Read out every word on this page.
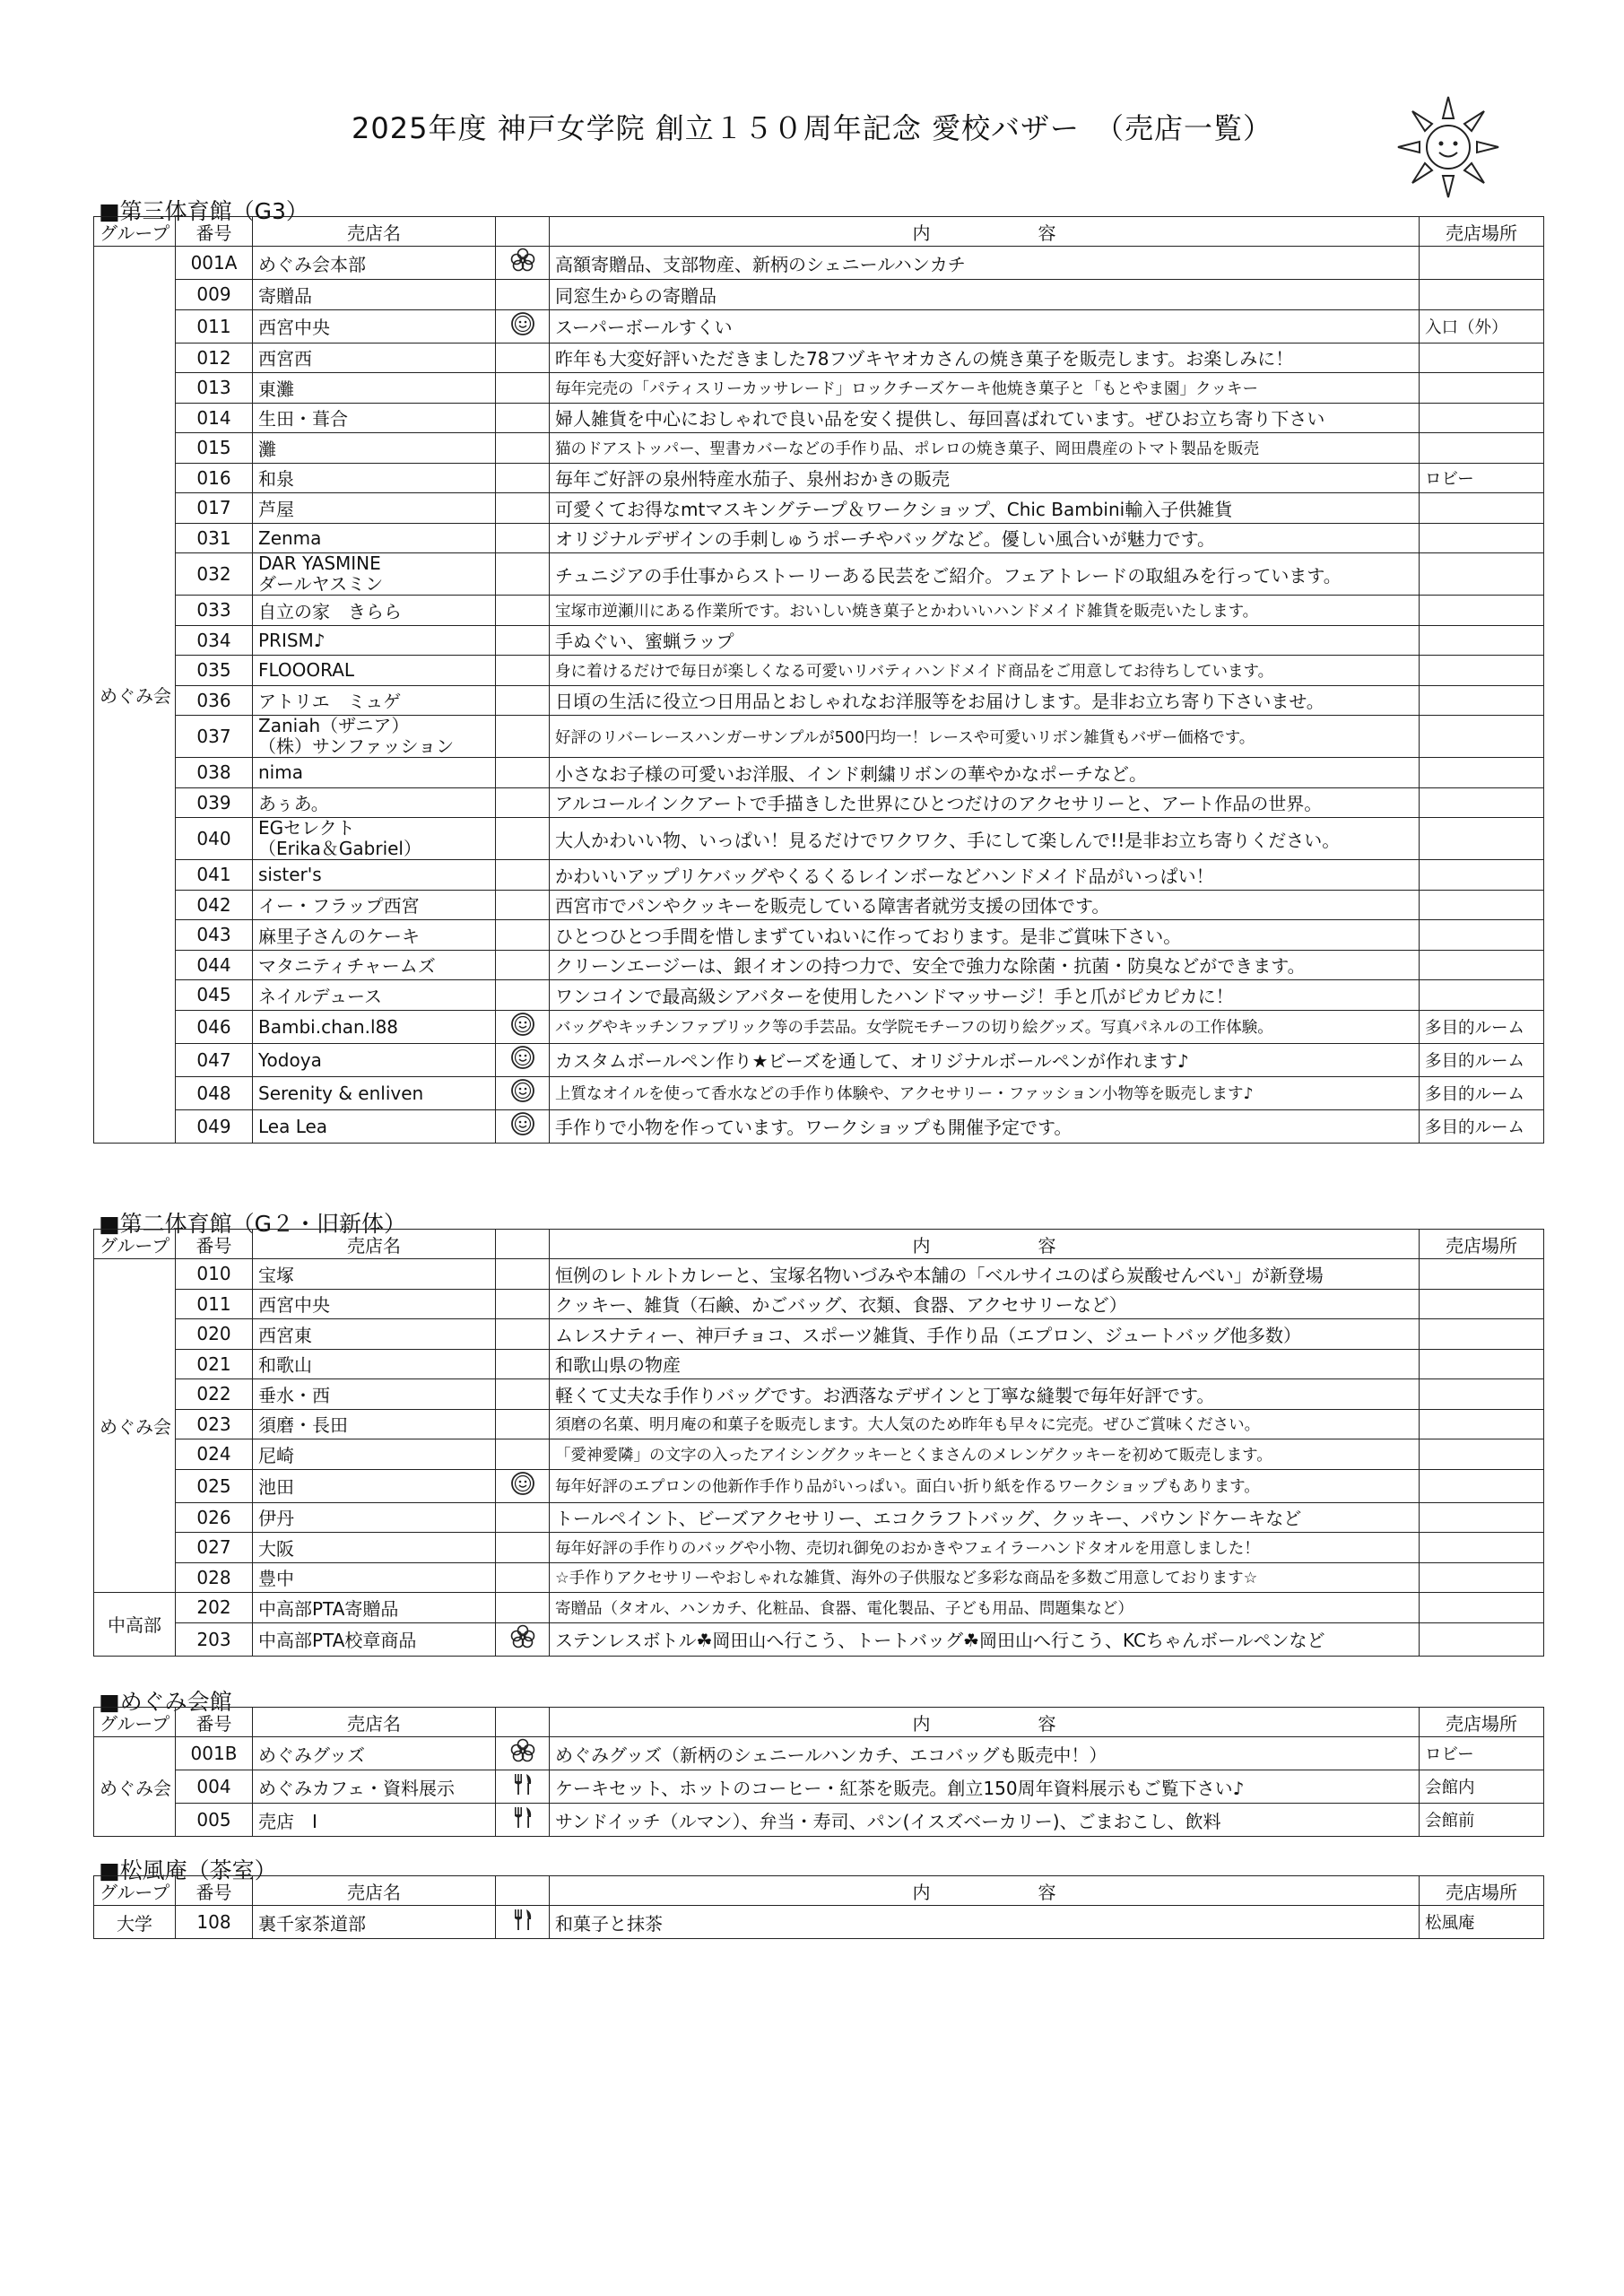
2025年度 神戸女学院 創立１５０周年記念 愛校バザー　（売店一覧）
■第三体育館（G3）
グループ	番号	売店名		内 容	売店場所
めぐみ会	001A	めぐみ会本部		高額寄贈品、支部物産、新柄のシェニールハンカチ	
	009	寄贈品		同窓生からの寄贈品	
	011	西宮中央		スーパーボールすくい	入口（外）
	012	西宮西		昨年も大変好評いただきました78フヅキヤオカさんの焼き菓子を販売します。お楽しみに！	
	013	東灘		毎年完売の「パティスリーカッサレード」ロックチーズケーキ他焼き菓子と「もとやま園」クッキー	
	014	生田・葺合		婦人雑貨を中心におしゃれで良い品を安く提供し、毎回喜ばれています。ぜひお立ち寄り下さい	
	015	灘		猫のドアストッパー、聖書カバーなどの手作り品、ポレロの焼き菓子、岡田農産のトマト製品を販売	
	016	和泉		毎年ご好評の泉州特産水茄子、泉州おかきの販売	ロビー
	017	芦屋		可愛くてお得なmtマスキングテープ＆ワークショップ、Chic Bambini輸入子供雑貨	
	031	Zenma		オリジナルデザインの手刺しゅうポーチやバッグなど。優しい風合いが魅力です。	
	032	DAR YASMINE
ダールヤスミン		チュニジアの手仕事からストーリーある民芸をご紹介。フェアトレードの取組みを行っています。	
	033	自立の家　きらら		宝塚市逆瀬川にある作業所です。おいしい焼き菓子とかわいいハンドメイド雑貨を販売いたします。	
	034	PRISM♪		手ぬぐい、蜜蝋ラップ	
	035	FLOOORAL		身に着けるだけで毎日が楽しくなる可愛いリバティハンドメイド商品をご用意してお待ちしています。	
	036	アトリエ　ミュゲ		日頃の生活に役立つ日用品とおしゃれなお洋服等をお届けします。是非お立ち寄り下さいませ。	
	037	Zaniah（ザニア）
（株）サンファッション		好評のリバーレースハンガーサンプルが500円均一！レースや可愛いリボン雑貨もバザー価格です。	
	038	nima		小さなお子様の可愛いお洋服、インド刺繍リボンの華やかなポーチなど。	
	039	あぅあ。		アルコールインクアートで手描きした世界にひとつだけのアクセサリーと、アート作品の世界。	
	040	EGセレクト
（Erika＆Gabriel）		大人かわいい物、いっぱい！見るだけでワクワク、手にして楽しんで!!是非お立ち寄りください。	
	041	sister's		かわいいアップリケバッグやくるくるレインボーなどハンドメイド品がいっぱい！	
	042	イー・フラップ西宮		西宮市でパンやクッキーを販売している障害者就労支援の団体です。	
	043	麻里子さんのケーキ		ひとつひとつ手間を惜しまずていねいに作っております。是非ご賞味下さい。	
	044	マタニティチャームズ		クリーンエージーは、銀イオンの持つ力で、安全で強力な除菌・抗菌・防臭などができます。	
	045	ネイルデュース		ワンコインで最高級シアバターを使用したハンドマッサージ！手と爪がピカピカに！	
	046	Bambi.chan.l88		バッグやキッチンファブリック等の手芸品。女学院モチーフの切り絵グッズ。写真パネルの工作体験。	多目的ルーム
	047	Yodoya		カスタムボールペン作り★ビーズを通して、オリジナルボールペンが作れます♪	多目的ルーム
	048	Serenity & enliven		上質なオイルを使って香水などの手作り体験や、アクセサリー・ファッション小物等を販売します♪	多目的ルーム
	049	Lea Lea		手作りで小物を作っています。ワークショップも開催予定です。	多目的ルーム
■第二体育館（G２・旧新体）
グループ	番号	売店名		内 容	売店場所
めぐみ会	010	宝塚		恒例のレトルトカレーと、宝塚名物いづみや本舗の「ベルサイユのばら炭酸せんべい」が新登場	
	011	西宮中央		クッキー、雑貨（石鹸、かごバッグ、衣類、食器、アクセサリーなど）	
	020	西宮東		ムレスナティー、神戸チョコ、スポーツ雑貨、手作り品（エプロン、ジュートバッグ他多数）	
	021	和歌山		和歌山県の物産	
	022	垂水・西		軽くて丈夫な手作りバッグです。お洒落なデザインと丁寧な縫製で毎年好評です。	
	023	須磨・長田		須磨の名菓、明月庵の和菓子を販売します。大人気のため昨年も早々に完売。ぜひご賞味ください。	
	024	尼崎		「愛神愛隣」の文字の入ったアイシングクッキーとくまさんのメレンゲクッキーを初めて販売します。	
	025	池田		毎年好評のエプロンの他新作手作り品がいっぱい。面白い折り紙を作るワークショップもあります。	
	026	伊丹		トールペイント、ビーズアクセサリー、エコクラフトバッグ、クッキー、パウンドケーキなど	
	027	大阪		毎年好評の手作りのバッグや小物、売切れ御免のおかきやフェイラーハンドタオルを用意しました！	
	028	豊中		☆手作りアクセサリーやおしゃれな雑貨、海外の子供服など多彩な商品を多数ご用意しております☆	
中高部	202	中高部PTA寄贈品		寄贈品（タオル、ハンカチ、化粧品、食器、電化製品、子ども用品、問題集など）	
	203	中高部PTA校章商品		ステンレスボトル☘岡田山へ行こう、トートバッグ☘岡田山へ行こう、KCちゃんボールペンなど	
■めぐみ会館
グループ	番号	売店名		内 容	売店場所
めぐみ会	001B	めぐみグッズ		めぐみグッズ（新柄のシェニールハンカチ、エコバッグも販売中！）	ロビー
	004	めぐみカフェ・資料展示		ケーキセット、ホットのコーヒー・紅茶を販売。創立150周年資料展示もご覧下さい♪	会館内
	005	売店　Ⅰ		サンドイッチ（ルマン）、弁当・寿司、パン(イスズベーカリー)、ごまおこし、飲料	会館前
■松風庵（茶室）
グループ	番号	売店名		内 容	売店場所
大学	108	裏千家茶道部		和菓子と抹茶	松風庵
